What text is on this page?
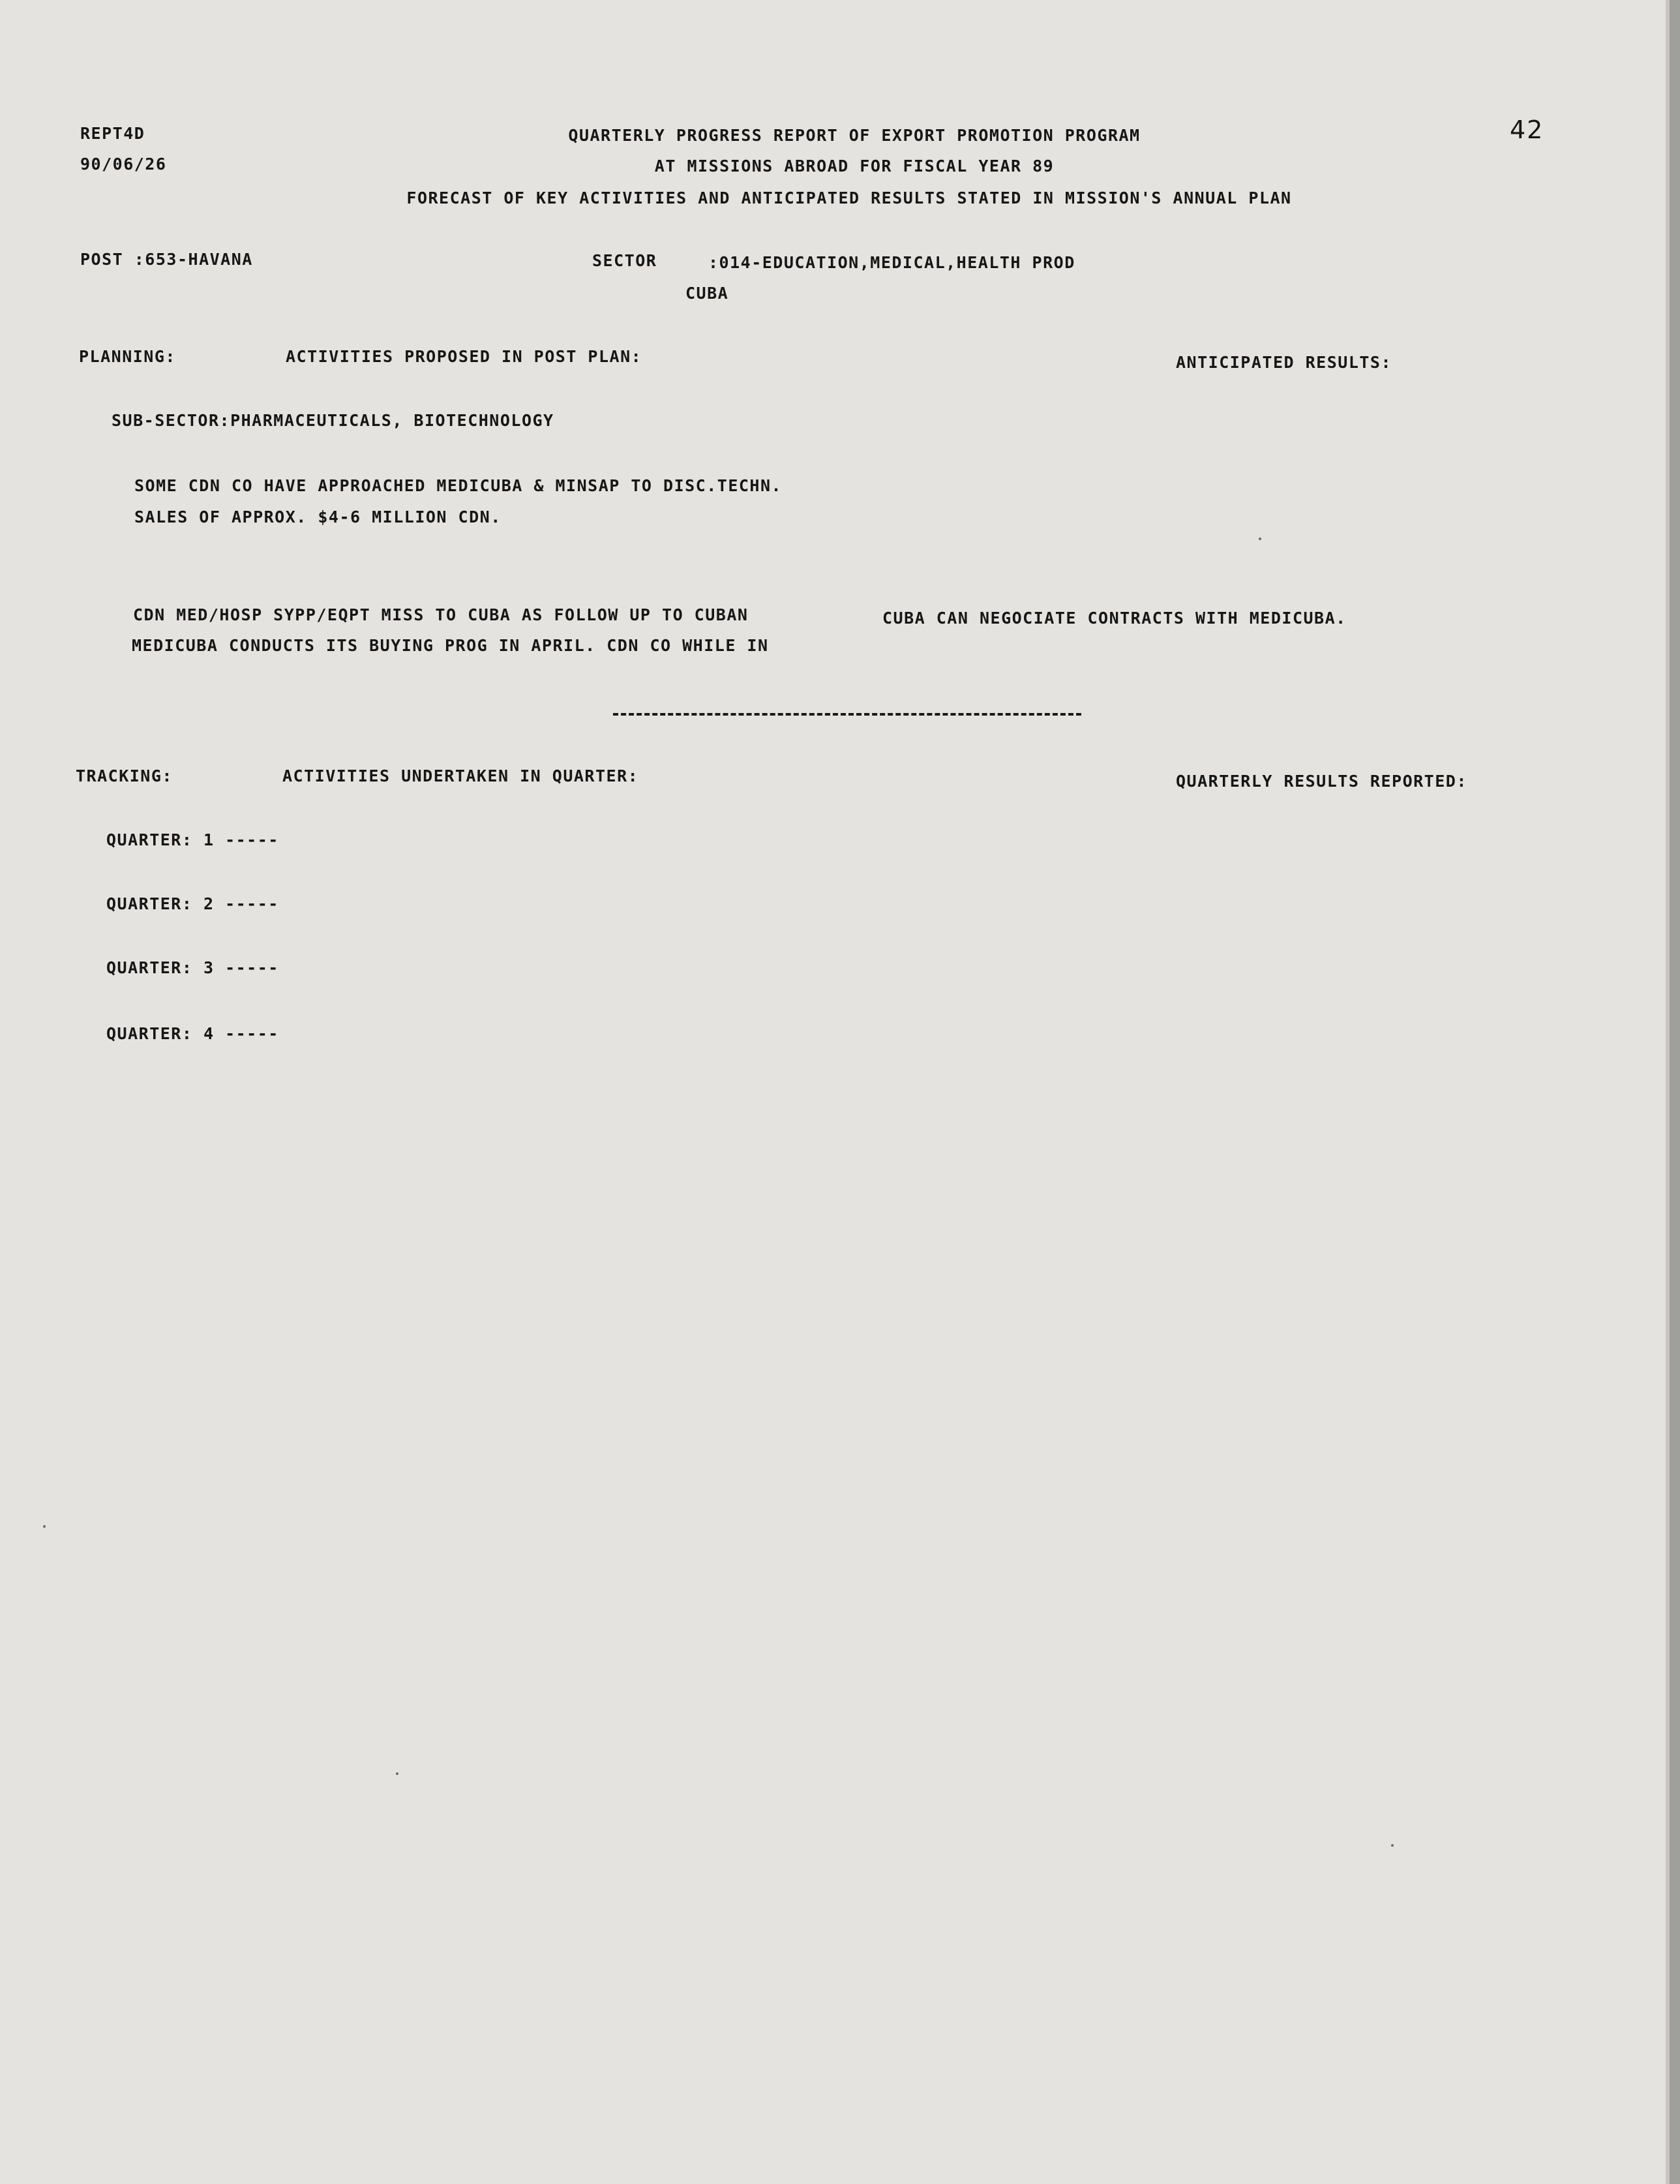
REPT4D
90/06/26
QUARTERLY PROGRESS REPORT OF EXPORT PROMOTION PROGRAM
AT MISSIONS ABROAD FOR FISCAL YEAR 89
FORECAST OF KEY ACTIVITIES AND ANTICIPATED RESULTS STATED IN MISSION'S ANNUAL PLAN
42
POST :653-HAVANA	SECTOR	:014-EDUCATION,MEDICAL,HEALTH PROD
CUBA
PLANNING:	ACTIVITIES PROPOSED IN POST PLAN:	ANTICIPATED RESULTS:
SUB-SECTOR:PHARMACEUTICALS, BIOTECHNOLOGY
SOME CDN CO HAVE APPROACHED MEDICUBA & MINSAP TO DISC.TECHN.
SALES OF APPROX. $4-6 MILLION CDN.
CDN MED/HOSP SYPP/EQPT MISS TO CUBA AS FOLLOW UP TO CUBAN
MEDICUBA CONDUCTS ITS BUYING PROG IN APRIL. CDN CO WHILE IN
CUBA CAN NEGOCIATE CONTRACTS WITH MEDICUBA.
TRACKING:	ACTIVITIES UNDERTAKEN IN QUARTER:	QUARTERLY RESULTS REPORTED:
QUARTER: 1 -----
QUARTER: 2 -----
QUARTER: 3 -----
QUARTER: 4 -----
